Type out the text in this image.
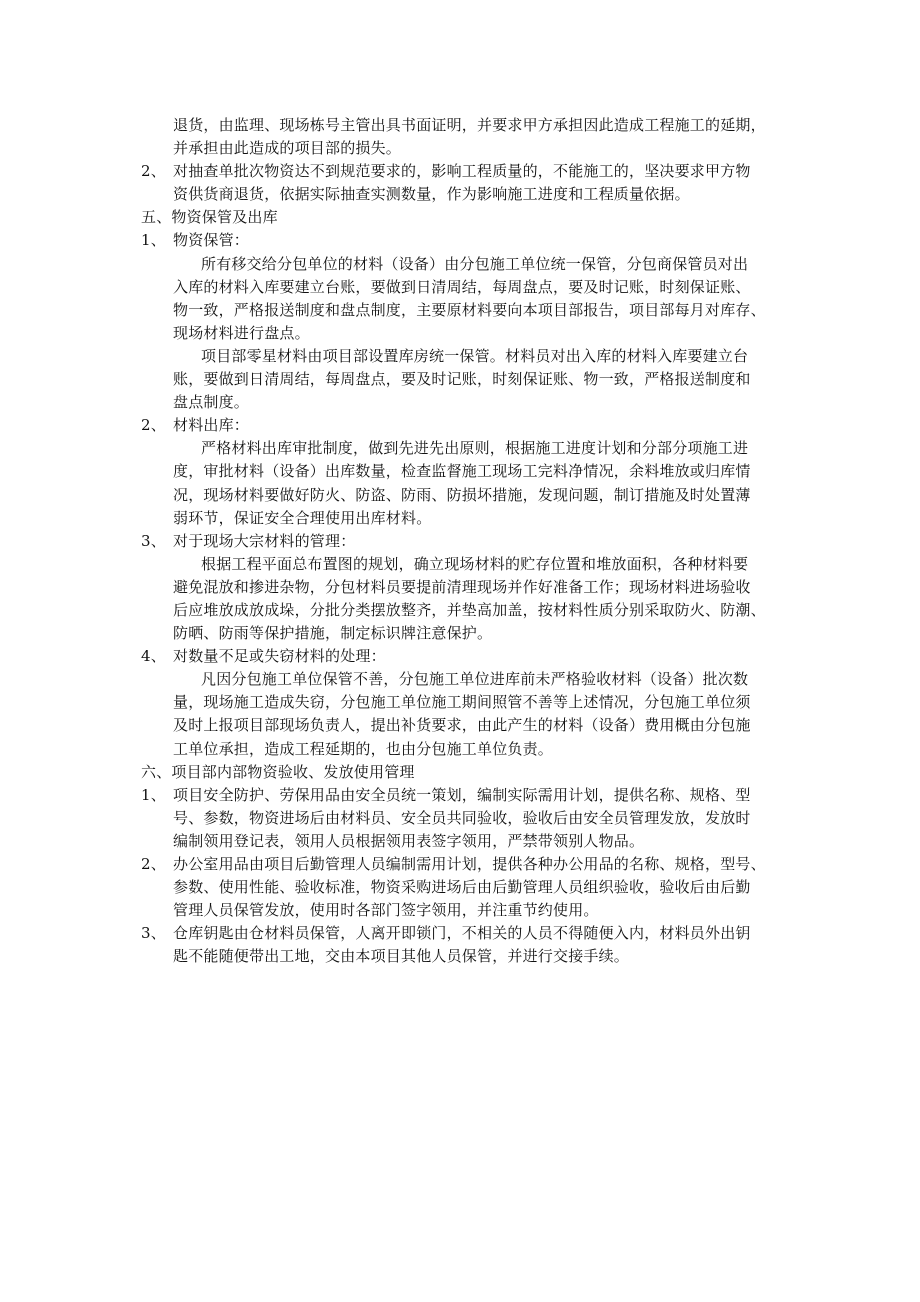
退货，由监理、现场栋号主管出具书面证明，并要求甲方承担因此造成工程施工的延期，
并承担由此造成的项目部的损失。
2、 对抽查单批次物资达不到规范要求的，影响工程质量的，不能施工的，坚决要求甲方物
资供货商退货，依据实际抽查实测数量，作为影响施工进度和工程质量依据。
五、物资保管及出库
1、 物资保管：
所有移交给分包单位的材料（设备）由分包施工单位统一保管，分包商保管员对出
入库的材料入库要建立台账，要做到日清周结，每周盘点，要及时记账，时刻保证账、
物一致，严格报送制度和盘点制度，主要原材料要向本项目部报告，项目部每月对库存、
现场材料进行盘点。
项目部零星材料由项目部设置库房统一保管。材料员对出入库的材料入库要建立台
账，要做到日清周结，每周盘点，要及时记账，时刻保证账、物一致，严格报送制度和
盘点制度。
2、 材料出库：
严格材料出库审批制度，做到先进先出原则，根据施工进度计划和分部分项施工进
度，审批材料（设备）出库数量，检查监督施工现场工完料净情况，余料堆放或归库情
况，现场材料要做好防火、防盗、防雨、防损坏措施，发现问题，制订措施及时处置薄
弱环节，保证安全合理使用出库材料。
3、 对于现场大宗材料的管理：
根据工程平面总布置图的规划，确立现场材料的贮存位置和堆放面积，各种材料要
避免混放和掺进杂物，分包材料员要提前清理现场并作好准备工作；现场材料进场验收
后应堆放成放成垛，分批分类摆放整齐，并垫高加盖，按材料性质分别采取防火、防潮、
防晒、防雨等保护措施，制定标识牌注意保护。
4、 对数量不足或失窃材料的处理：
凡因分包施工单位保管不善，分包施工单位进库前未严格验收材料（设备）批次数
量，现场施工造成失窃，分包施工单位施工期间照管不善等上述情况，分包施工单位须
及时上报项目部现场负责人，提出补货要求，由此产生的材料（设备）费用概由分包施
工单位承担，造成工程延期的，也由分包施工单位负责。
六、项目部内部物资验收、发放使用管理
1、 项目安全防护、劳保用品由安全员统一策划，编制实际需用计划，提供名称、规格、型
号、参数，物资进场后由材料员、安全员共同验收，验收后由安全员管理发放，发放时
编制领用登记表，领用人员根据领用表签字领用，严禁带领别人物品。
2、 办公室用品由项目后勤管理人员编制需用计划，提供各种办公用品的名称、规格，型号、
参数、使用性能、验收标准，物资采购进场后由后勤管理人员组织验收，验收后由后勤
管理人员保管发放，使用时各部门签字领用，并注重节约使用。
3、 仓库钥匙由仓材料员保管，人离开即锁门，不相关的人员不得随便入内，材料员外出钥
匙不能随便带出工地，交由本项目其他人员保管，并进行交接手续。
